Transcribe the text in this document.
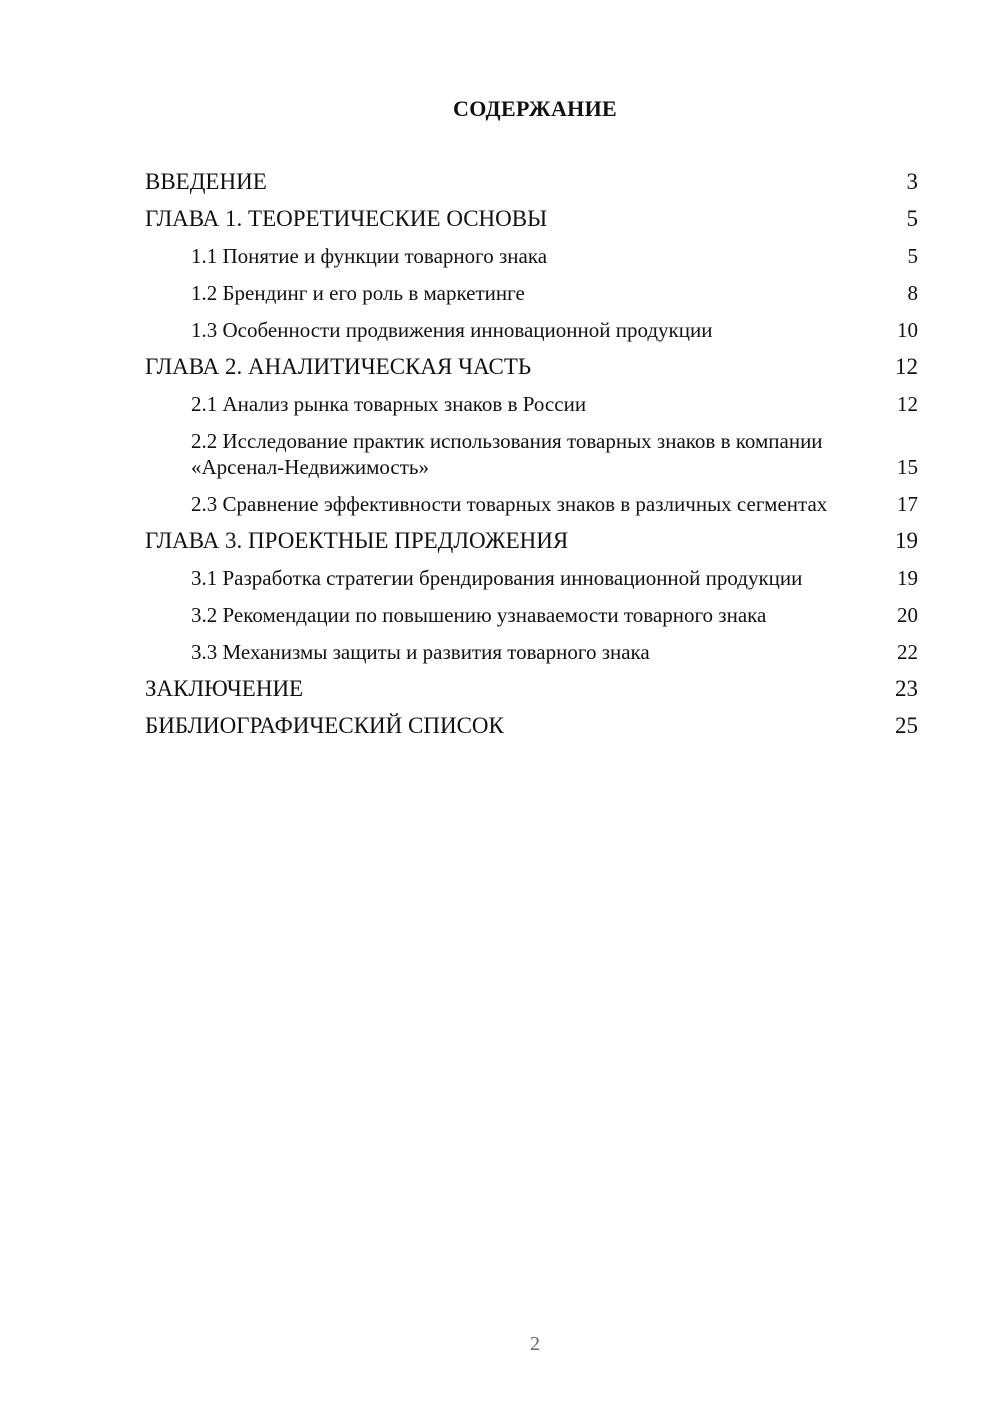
СОДЕРЖАНИЕ
ВВЕДЕНИЕ	3
ГЛАВА 1. ТЕОРЕТИЧЕСКИЕ ОСНОВЫ	5
1.1 Понятие и функции товарного знака	5
1.2 Брендинг и его роль в маркетинге	8
1.3 Особенности продвижения инновационной продукции	10
ГЛАВА 2. АНАЛИТИЧЕСКАЯ ЧАСТЬ	12
2.1 Анализ рынка товарных знаков в России	12
2.2 Исследование практик использования товарных знаков в компании «Арсенал-Недвижимость»	15
2.3 Сравнение эффективности товарных знаков в различных сегментах	17
ГЛАВА 3. ПРОЕКТНЫЕ ПРЕДЛОЖЕНИЯ	19
3.1 Разработка стратегии брендирования инновационной продукции	19
3.2 Рекомендации по повышению узнаваемости товарного знака	20
3.3 Механизмы защиты и развития товарного знака	22
ЗАКЛЮЧЕНИЕ	23
БИБЛИОГРАФИЧЕСКИЙ СПИСОК	25
2
